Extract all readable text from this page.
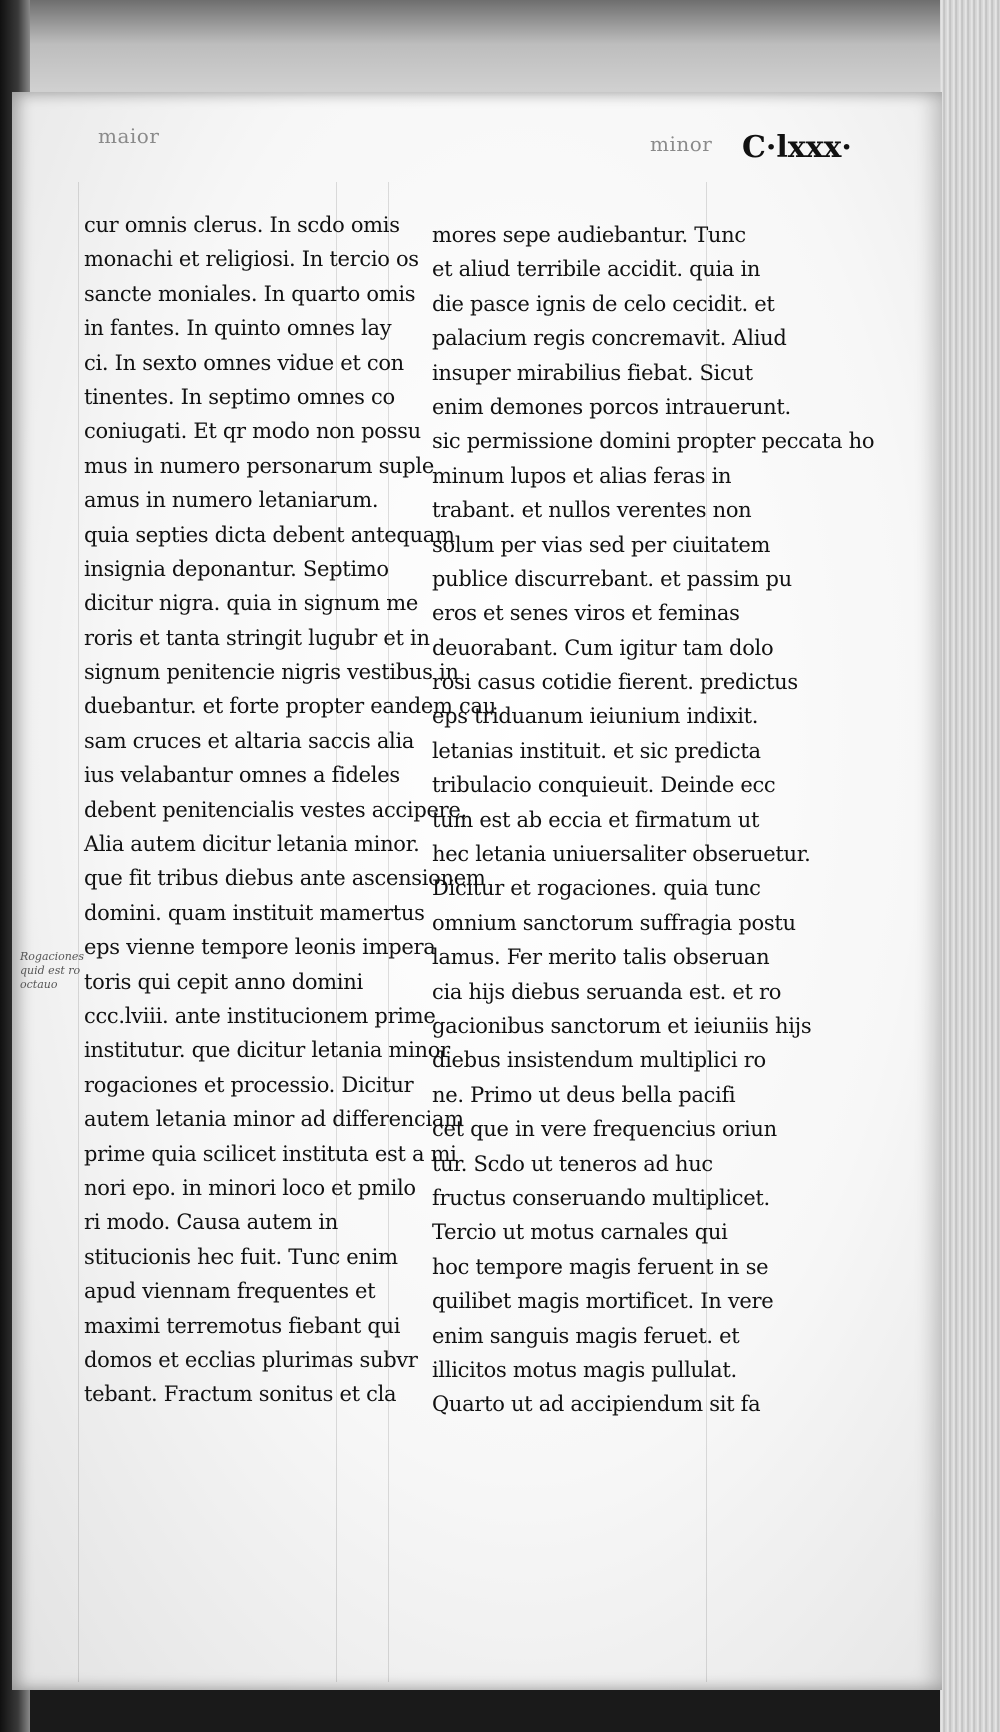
maior	minor C·lxxx·
cur omnis clerus. In scdo omis
monachi et religiosi. In tercio os
sancte moniales. In quarto omis
in fantes. In quinto omnes lay
ci. In sexto omnes vidue et con
tinentes. In septimo omnes co
coniugati. Et qr modo non possu
mus in numero personarum suple
amus in numero letaniarum.
quia septies dicta debent antequam
insignia deponantur. Septimo
dicitur nigra. quia in signum me
roris et tanta stringit lugubr et in
signum penitencie nigris vestibus in
duebantur. et forte propter eandem cau
sam cruces et altaria saccis alia
ius velabantur omnes a fideles
debent penitencialis vestes accipere.
Alia autem dicitur letania minor.
que fit tribus diebus ante ascensionem
domini. quam instituit mamertus
eps vienne tempore leonis impera
toris qui cepit anno domini
ccc.lviii. ante institucionem prime
institutur. que dicitur letania minor
rogaciones et processio. Dicitur
autem letania minor ad differenciam
prime quia scilicet instituta est a mi
nori epo. in minori loco et pmilo
ri modo. Causa autem in
stitucionis hec fuit. Tunc enim
apud viennam frequentes et
maximi terremotus fiebant qui
domos et ecclias plurimas subvr
tebant. Fractum sonitus et cla
mores sepe audiebantur. Tunc
et aliud terribile accidit. quia in
die pasce ignis de celo cecidit. et
palacium regis concremavit. Aliud
insuper mirabilius fiebat. Sicut
enim demones porcos intrauerunt.
sic permissione domini propter peccata ho
minum lupos et alias feras in
trabant. et nullos verentes non
solum per vias sed per ciuitatem
publice discurrebant. et passim pu
eros et senes viros et feminas
deuorabant. Cum igitur tam dolo
rosi casus cotidie fierent. predictus
eps triduanum ieiunium indixit.
letanias instituit. et sic predicta
tribulacio conquieuit. Deinde ecc
tum est ab eccia et firmatum ut
hec letania uniuersaliter obseruetur.
Dicitur et rogaciones. quia tunc
omnium sanctorum suffragia postu
lamus. Fer merito talis obseruan
cia hijs diebus seruanda est. et ro
gacionibus sanctorum et ieiuniis hijs
diebus insistendum multiplici ro
ne. Primo ut deus bella pacifi
cet que in vere frequencius oriun
tur. Scdo ut teneros ad huc
fructus conseruando multiplicet.
Tercio ut motus carnales qui
hoc tempore magis feruent in se
quilibet magis mortificet. In vere
enim sanguis magis feruet. et
illicitos motus magis pullulat.
Quarto ut ad accipiendum sit fa
Rogaciones
quid est ro
octauo
